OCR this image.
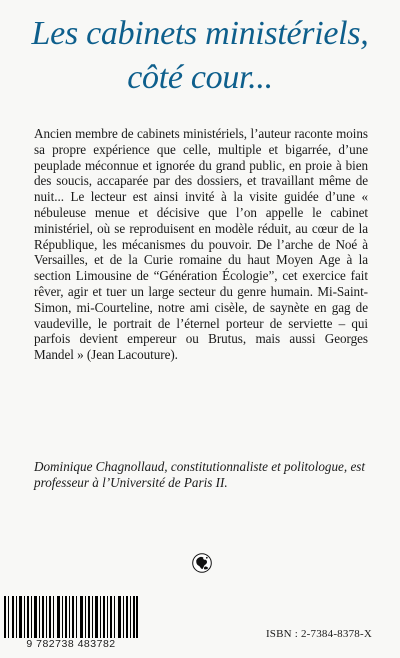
Les cabinets ministériels,
côté cour...
Ancien membre de cabinets ministériels, l’auteur raconte moins sa propre expérience que celle, multiple et bigarrée, d’une peuplade méconnue et ignorée du grand public, en proie à bien des soucis, accaparée par des dossiers, et travaillant même de nuit... Le lecteur est ainsi invité à la visite guidée d’une « nébuleuse menue et décisive que l’on appelle le cabinet ministériel, où se reproduisent en modèle réduit, au cœur de la République, les mécanismes du pouvoir. De l’arche de Noé à Versailles, et de la Curie romaine du haut Moyen Age à la section Limousine de “Génération Écologie”, cet exercice fait rêver, agir et tuer un large secteur du genre humain. Mi-Saint-Simon, mi-Courteline, notre ami cisèle, de saynète en gag de vaudeville, le portrait de l’éternel porteur de serviette – qui parfois devient empereur ou Brutus, mais aussi Georges Mandel » (Jean Lacouture).
Dominique Chagnollaud, constitutionnaliste et politologue, est professeur à l’Université de Paris II.
9 782738 483782
ISBN : 2-7384-8378-X
